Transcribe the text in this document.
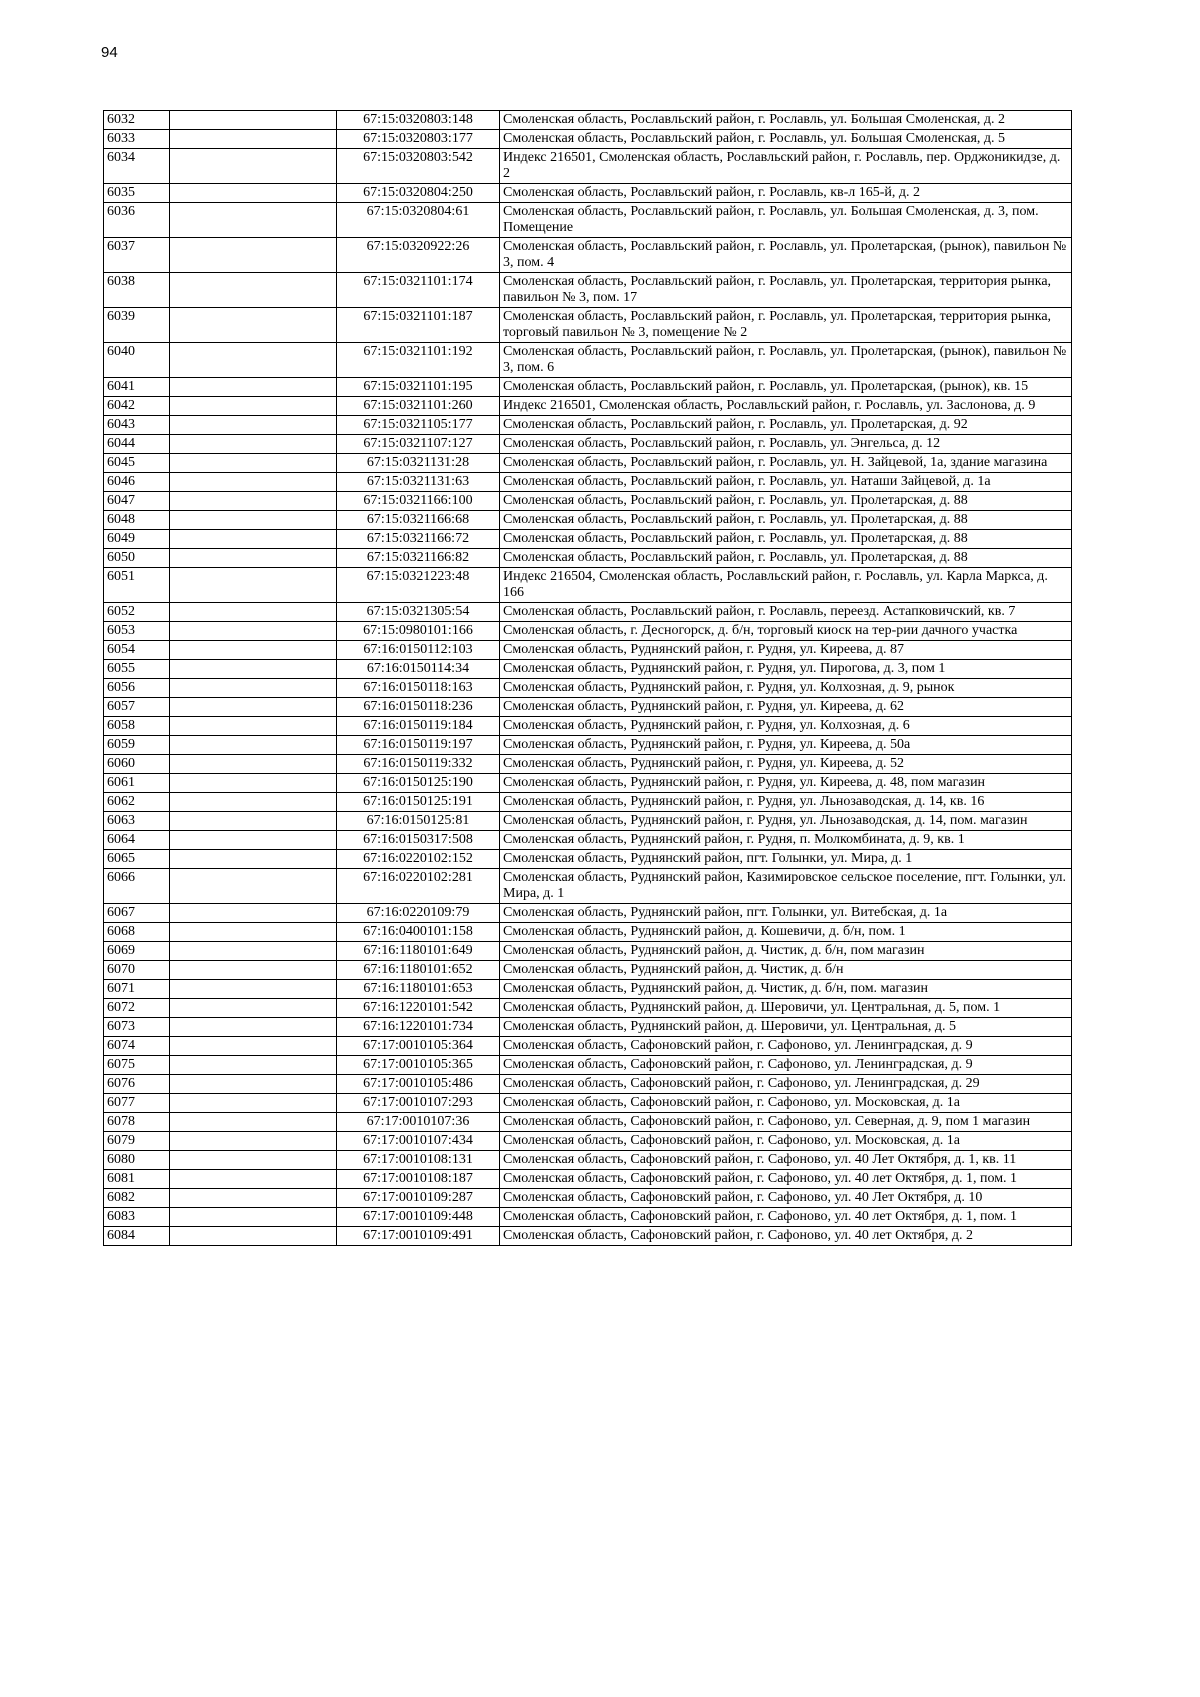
94
6032		67:15:0320803:148	Смоленская область, Рославльский район, г. Рославль, ул. Большая Смоленская, д. 2
6033		67:15:0320803:177	Смоленская область, Рославльский район, г. Рославль, ул. Большая Смоленская, д. 5
6034		67:15:0320803:542	Индекс 216501, Смоленская область, Рославльский район, г. Рославль, пер. Орджоникидзе, д. 2
6035		67:15:0320804:250	Смоленская область, Рославльский район, г. Рославль, кв-л 165-й, д. 2
6036		67:15:0320804:61	Смоленская область, Рославльский район, г. Рославль, ул. Большая Смоленская, д. 3, пом. Помещение
6037		67:15:0320922:26	Смоленская область, Рославльский район, г. Рославль, ул. Пролетарская, (рынок), павильон № 3, пом. 4
6038		67:15:0321101:174	Смоленская область, Рославльский район, г. Рославль, ул. Пролетарская, территория рынка, павильон № 3, пом. 17
6039		67:15:0321101:187	Смоленская область, Рославльский район, г. Рославль, ул. Пролетарская, территория рынка, торговый павильон № 3, помещение № 2
6040		67:15:0321101:192	Смоленская область, Рославльский район, г. Рославль, ул. Пролетарская, (рынок), павильон № 3, пом. 6
6041		67:15:0321101:195	Смоленская область, Рославльский район, г. Рославль, ул. Пролетарская, (рынок), кв. 15
6042		67:15:0321101:260	Индекс 216501, Смоленская область, Рославльский район, г. Рославль, ул. Заслонова, д. 9
6043		67:15:0321105:177	Смоленская область, Рославльский район, г. Рославль, ул. Пролетарская, д. 92
6044		67:15:0321107:127	Смоленская область, Рославльский район, г. Рославль, ул. Энгельса, д. 12
6045		67:15:0321131:28	Смоленская область, Рославльский район, г. Рославль, ул. Н. Зайцевой, 1а, здание магазина
6046		67:15:0321131:63	Смоленская область, Рославльский район, г. Рославль, ул. Наташи Зайцевой, д. 1а
6047		67:15:0321166:100	Смоленская область, Рославльский район, г. Рославль, ул. Пролетарская, д. 88
6048		67:15:0321166:68	Смоленская область, Рославльский район, г. Рославль, ул. Пролетарская, д. 88
6049		67:15:0321166:72	Смоленская область, Рославльский район, г. Рославль, ул. Пролетарская, д. 88
6050		67:15:0321166:82	Смоленская область, Рославльский район, г. Рославль, ул. Пролетарская, д. 88
6051		67:15:0321223:48	Индекс 216504, Смоленская область, Рославльский район, г. Рославль, ул. Карла Маркса, д. 166
6052		67:15:0321305:54	Смоленская область, Рославльский район, г. Рославль, переезд. Астапковичский, кв. 7
6053		67:15:0980101:166	Смоленская область, г. Десногорск, д. б/н, торговый киоск на тер-рии дачного участка
6054		67:16:0150112:103	Смоленская область, Руднянский район, г. Рудня, ул. Киреева, д. 87
6055		67:16:0150114:34	Смоленская область, Руднянский район, г. Рудня, ул. Пирогова, д. 3, пом 1
6056		67:16:0150118:163	Смоленская область, Руднянский район, г. Рудня, ул. Колхозная, д. 9, рынок
6057		67:16:0150118:236	Смоленская область, Руднянский район, г. Рудня, ул. Киреева, д. 62
6058		67:16:0150119:184	Смоленская область, Руднянский район, г. Рудня, ул. Колхозная, д. 6
6059		67:16:0150119:197	Смоленская область, Руднянский район, г. Рудня, ул. Киреева, д. 50а
6060		67:16:0150119:332	Смоленская область, Руднянский район, г. Рудня, ул. Киреева, д. 52
6061		67:16:0150125:190	Смоленская область, Руднянский район, г. Рудня, ул. Киреева, д. 48, пом магазин
6062		67:16:0150125:191	Смоленская область, Руднянский район, г. Рудня, ул. Льнозаводская, д. 14, кв. 16
6063		67:16:0150125:81	Смоленская область, Руднянский район, г. Рудня, ул. Льнозаводская, д. 14, пом. магазин
6064		67:16:0150317:508	Смоленская область, Руднянский район, г. Рудня, п. Молкомбината, д. 9, кв. 1
6065		67:16:0220102:152	Смоленская область, Руднянский район, пгт. Голынки, ул. Мира, д. 1
6066		67:16:0220102:281	Смоленская область, Руднянский район, Казимировское сельское поселение, пгт. Голынки, ул. Мира, д. 1
6067		67:16:0220109:79	Смоленская область, Руднянский район, пгт. Голынки, ул. Витебская, д. 1а
6068		67:16:0400101:158	Смоленская область, Руднянский район, д. Кошевичи, д. б/н, пом. 1
6069		67:16:1180101:649	Смоленская область, Руднянский район, д. Чистик, д. б/н, пом магазин
6070		67:16:1180101:652	Смоленская область, Руднянский район, д. Чистик, д. б/н
6071		67:16:1180101:653	Смоленская область, Руднянский район, д. Чистик, д. б/н, пом. магазин
6072		67:16:1220101:542	Смоленская область, Руднянский район, д. Шеровичи, ул. Центральная, д. 5, пом. 1
6073		67:16:1220101:734	Смоленская область, Руднянский район, д. Шеровичи, ул. Центральная, д. 5
6074		67:17:0010105:364	Смоленская область, Сафоновский район, г. Сафоново, ул. Ленинградская, д. 9
6075		67:17:0010105:365	Смоленская область, Сафоновский район, г. Сафоново, ул. Ленинградская, д. 9
6076		67:17:0010105:486	Смоленская область, Сафоновский район, г. Сафоново, ул. Ленинградская, д. 29
6077		67:17:0010107:293	Смоленская область, Сафоновский район, г. Сафоново, ул. Московская, д. 1а
6078		67:17:0010107:36	Смоленская область, Сафоновский район, г. Сафоново, ул. Северная, д. 9, пом 1 магазин
6079		67:17:0010107:434	Смоленская область, Сафоновский район, г. Сафоново, ул. Московская, д. 1а
6080		67:17:0010108:131	Смоленская область, Сафоновский район, г. Сафоново, ул. 40 Лет Октября, д. 1, кв. 11
6081		67:17:0010108:187	Смоленская область, Сафоновский район, г. Сафоново, ул. 40 лет Октября, д. 1, пом. 1
6082		67:17:0010109:287	Смоленская область, Сафоновский район, г. Сафоново, ул. 40 Лет Октября, д. 10
6083		67:17:0010109:448	Смоленская область, Сафоновский район, г. Сафоново, ул. 40 лет Октября, д. 1, пом. 1
6084		67:17:0010109:491	Смоленская область, Сафоновский район, г. Сафоново, ул. 40 лет Октября, д. 2
